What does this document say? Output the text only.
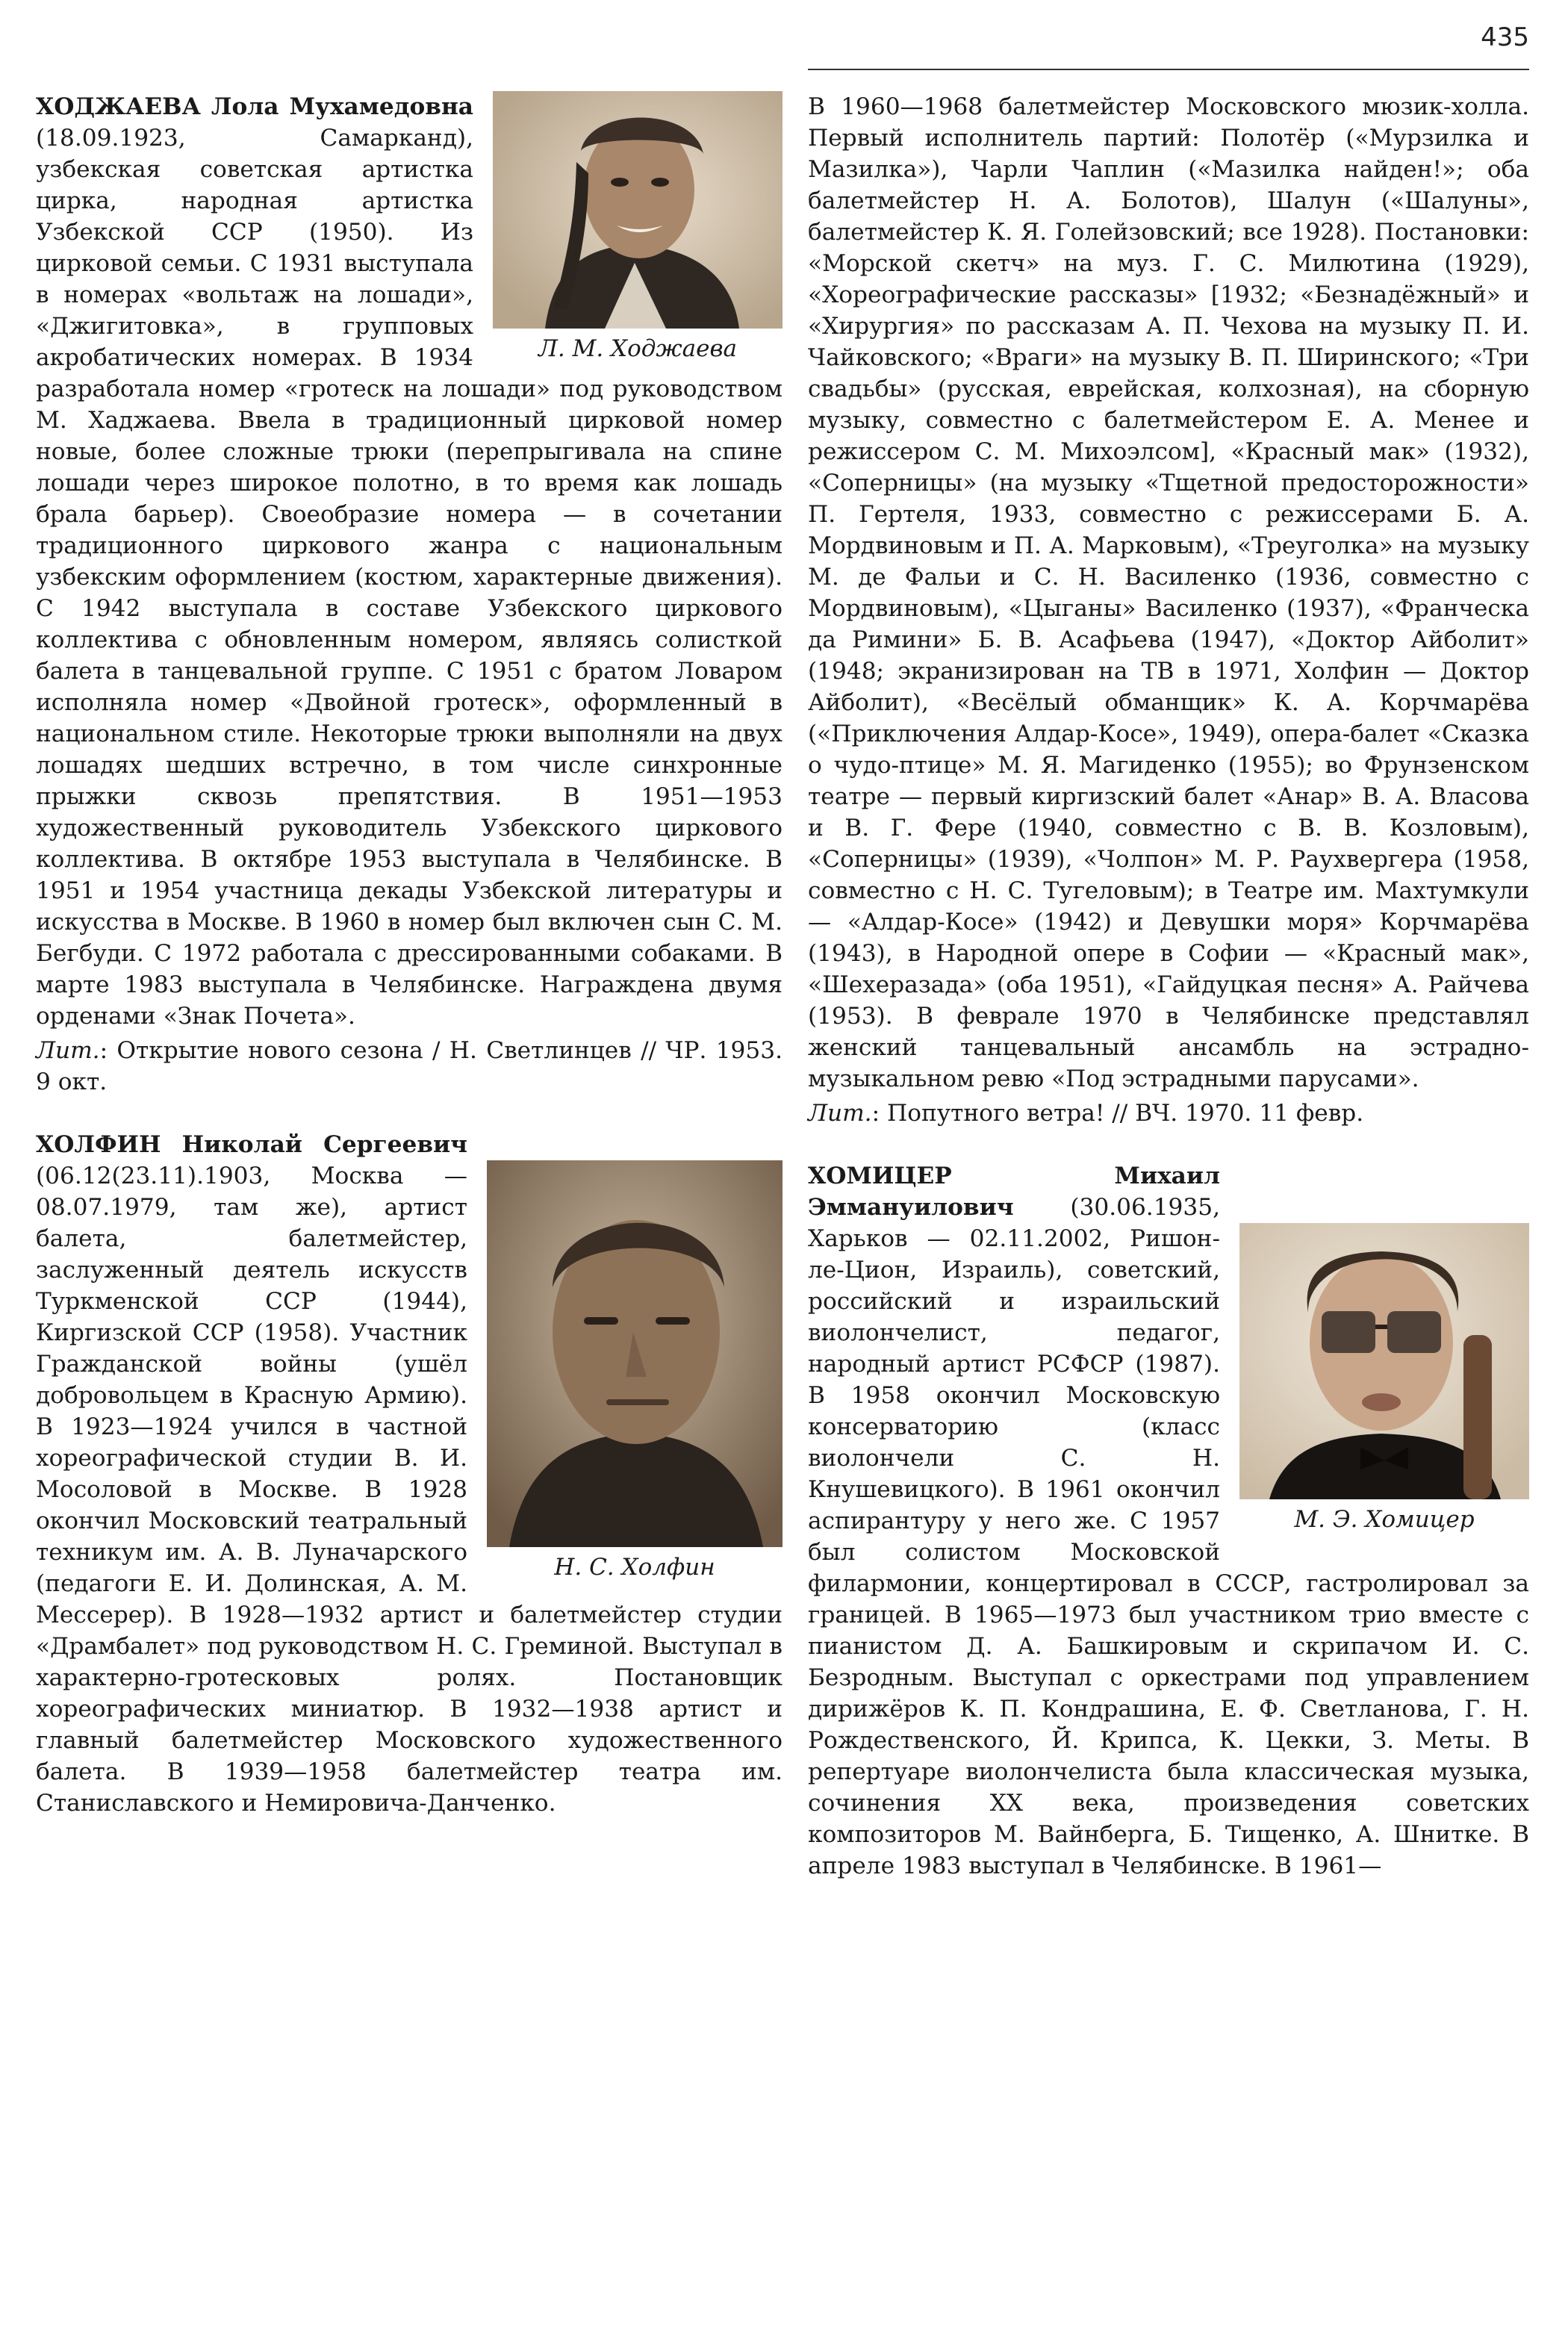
435

Л. М. Ходжаева
ХОДЖАЕВА Лола Мухамедовна (18.09.1923, Самарканд), узбекская советская артистка цирка, народная артистка Узбекской ССР (1950). Из цирковой семьи. С 1931 выступала в номерах «вольтаж на лошади», «Джигитовка», в групповых акробатических номерах. В 1934 разработала номер «гротеск на лошади» под руководством М. Хаджаева. Ввела в традиционный цирковой номер новые, более сложные трюки (перепрыгивала на спине лошади через широкое полотно, в то время как лошадь брала барьер). Своеобразие номера — в сочетании традиционного циркового жанра с национальным узбекским оформлением (костюм, характерные движения). С 1942 выступала в составе Узбекского циркового коллектива с обновленным номером, являясь солисткой балета в танцевальной группе. С 1951 с братом Ловаром исполняла номер «Двойной гротеск», оформленный в национальном стиле. Некоторые трюки выполняли на двух лошадях шедших встречно, в том числе синхронные прыжки сквозь препятствия. В 1951—1953 художественный руководитель Узбекского циркового коллектива. В октябре 1953 выступала в Челябинске. В 1951 и 1954 участница декады Узбекской литературы и искусства в Москве. В 1960 в номер был включен сын С. М. Бегбуди. С 1972 работала с дрессированными собаками. В марте 1983 выступала в Челябинске. Награждена двумя орденами «Знак Почета».

Лит.: Открытие нового сезона / Н. Светлинцев // ЧР. 1953. 9 окт.

Н. С. Холфин
ХОЛФИН Николай Сергеевич (06.12(23.11).1903, Москва — 08.07.1979, там же), артист балета, балетмейстер, заслуженный деятель искусств Туркменской ССР (1944), Киргизской ССР (1958). Участник Гражданской войны (ушёл добровольцем в Красную Армию). В 1923—1924 учился в частной хореографической студии В. И. Мосоловой в Москве. В 1928 окончил Московский театральный техникум им. А. В. Луначарского (педагоги Е. И. Долинская, А. М. Мессерер). В 1928—1932 артист и балетмейстер студии «Драмбалет» под руководством Н. С. Греминой. Выступал в характерно-гротесковых ролях. Постановщик хореографических миниатюр. В 1932—1938 артист и главный балетмейстер Московского художественного балета. В 1939—1958 балетмейстер театра им. Станиславского и Немировича-Данченко.

В 1960—1968 балетмейстер Московского мюзик-холла. Первый исполнитель партий: Полотёр («Мурзилка и Мазилка»), Чарли Чаплин («Мазилка найден!»; оба балетмейстер Н. А. Болотов), Шалун («Шалуны», балетмейстер К. Я. Голейзовский; все 1928). Постановки: «Морской скетч» на муз. Г. С. Милютина (1929), «Хореографические рассказы» [1932; «Безнадёжный» и «Хирургия» по рассказам А. П. Чехова на музыку П. И. Чайковского; «Враги» на музыку В. П. Ширинского; «Три свадьбы» (русская, еврейская, колхозная), на сборную музыку, совместно с балетмейстером Е. А. Менее и режиссером С. М. Михоэлсом], «Красный мак» (1932), «Соперницы» (на музыку «Тщетной предосторожности» П. Гертеля, 1933, совместно с режиссерами Б. А. Мордвиновым и П. А. Марковым), «Треуголка» на музыку М. де Фальи и С. Н. Василенко (1936, совместно с Мордвиновым), «Цыганы» Василенко (1937), «Франческа да Римини» Б. В. Асафьева (1947), «Доктор Айболит» (1948; экранизирован на ТВ в 1971, Холфин — Доктор Айболит), «Весёлый обманщик» К. А. Корчмарёва («Приключения Алдар-Косе», 1949), опера-балет «Сказка о чудо-птице» М. Я. Магиденко (1955); во Фрунзенском театре — первый киргизский балет «Анар» В. А. Власова и В. Г. Фере (1940, совместно с В. В. Козловым), «Соперницы» (1939), «Чолпон» М. Р. Раухвергера (1958, совместно с Н. С. Тугеловым); в Театре им. Махтумкули — «Алдар-Косе» (1942) и Девушки моря» Корчмарёва (1943), в Народной опере в Софии — «Красный мак», «Шехеразада» (оба 1951), «Гайдуцкая песня» А. Райчева (1953). В феврале 1970 в Челябинске представлял женский танцевальный ансамбль на эстрадно-музыкальном ревю «Под эстрадными парусами».

Лит.: Попутного ветра! // ВЧ. 1970. 11 февр.

М. Э. Хомицер
ХОМИЦЕР Михаил Эммануилович (30.06.1935, Харьков — 02.11.2002, Ришон-ле-Цион, Израиль), советский, российский и израильский виолончелист, педагог, народный артист РСФСР (1987). В 1958 окончил Московскую консерваторию (класс виолончели С. Н. Кнушевицкого). В 1961 окончил аспирантуру у него же. С 1957 был солистом Московской филармонии, концертировал в СССР, гастролировал за границей. В 1965—1973 был участником трио вместе с пианистом Д. А. Башкировым и скрипачом И. С. Безродным. Выступал с оркестрами под управлением дирижёров К. П. Кондрашина, Е. Ф. Светланова, Г. Н. Рождественского, Й. Крипса, К. Цекки, З. Меты. В репертуаре виолончелиста была классическая музыка, сочинения XX века, произведения советских композиторов М. Вайнберга, Б. Тищенко, А. Шнитке. В апреле 1983 выступал в Челябинске. В 1961—
